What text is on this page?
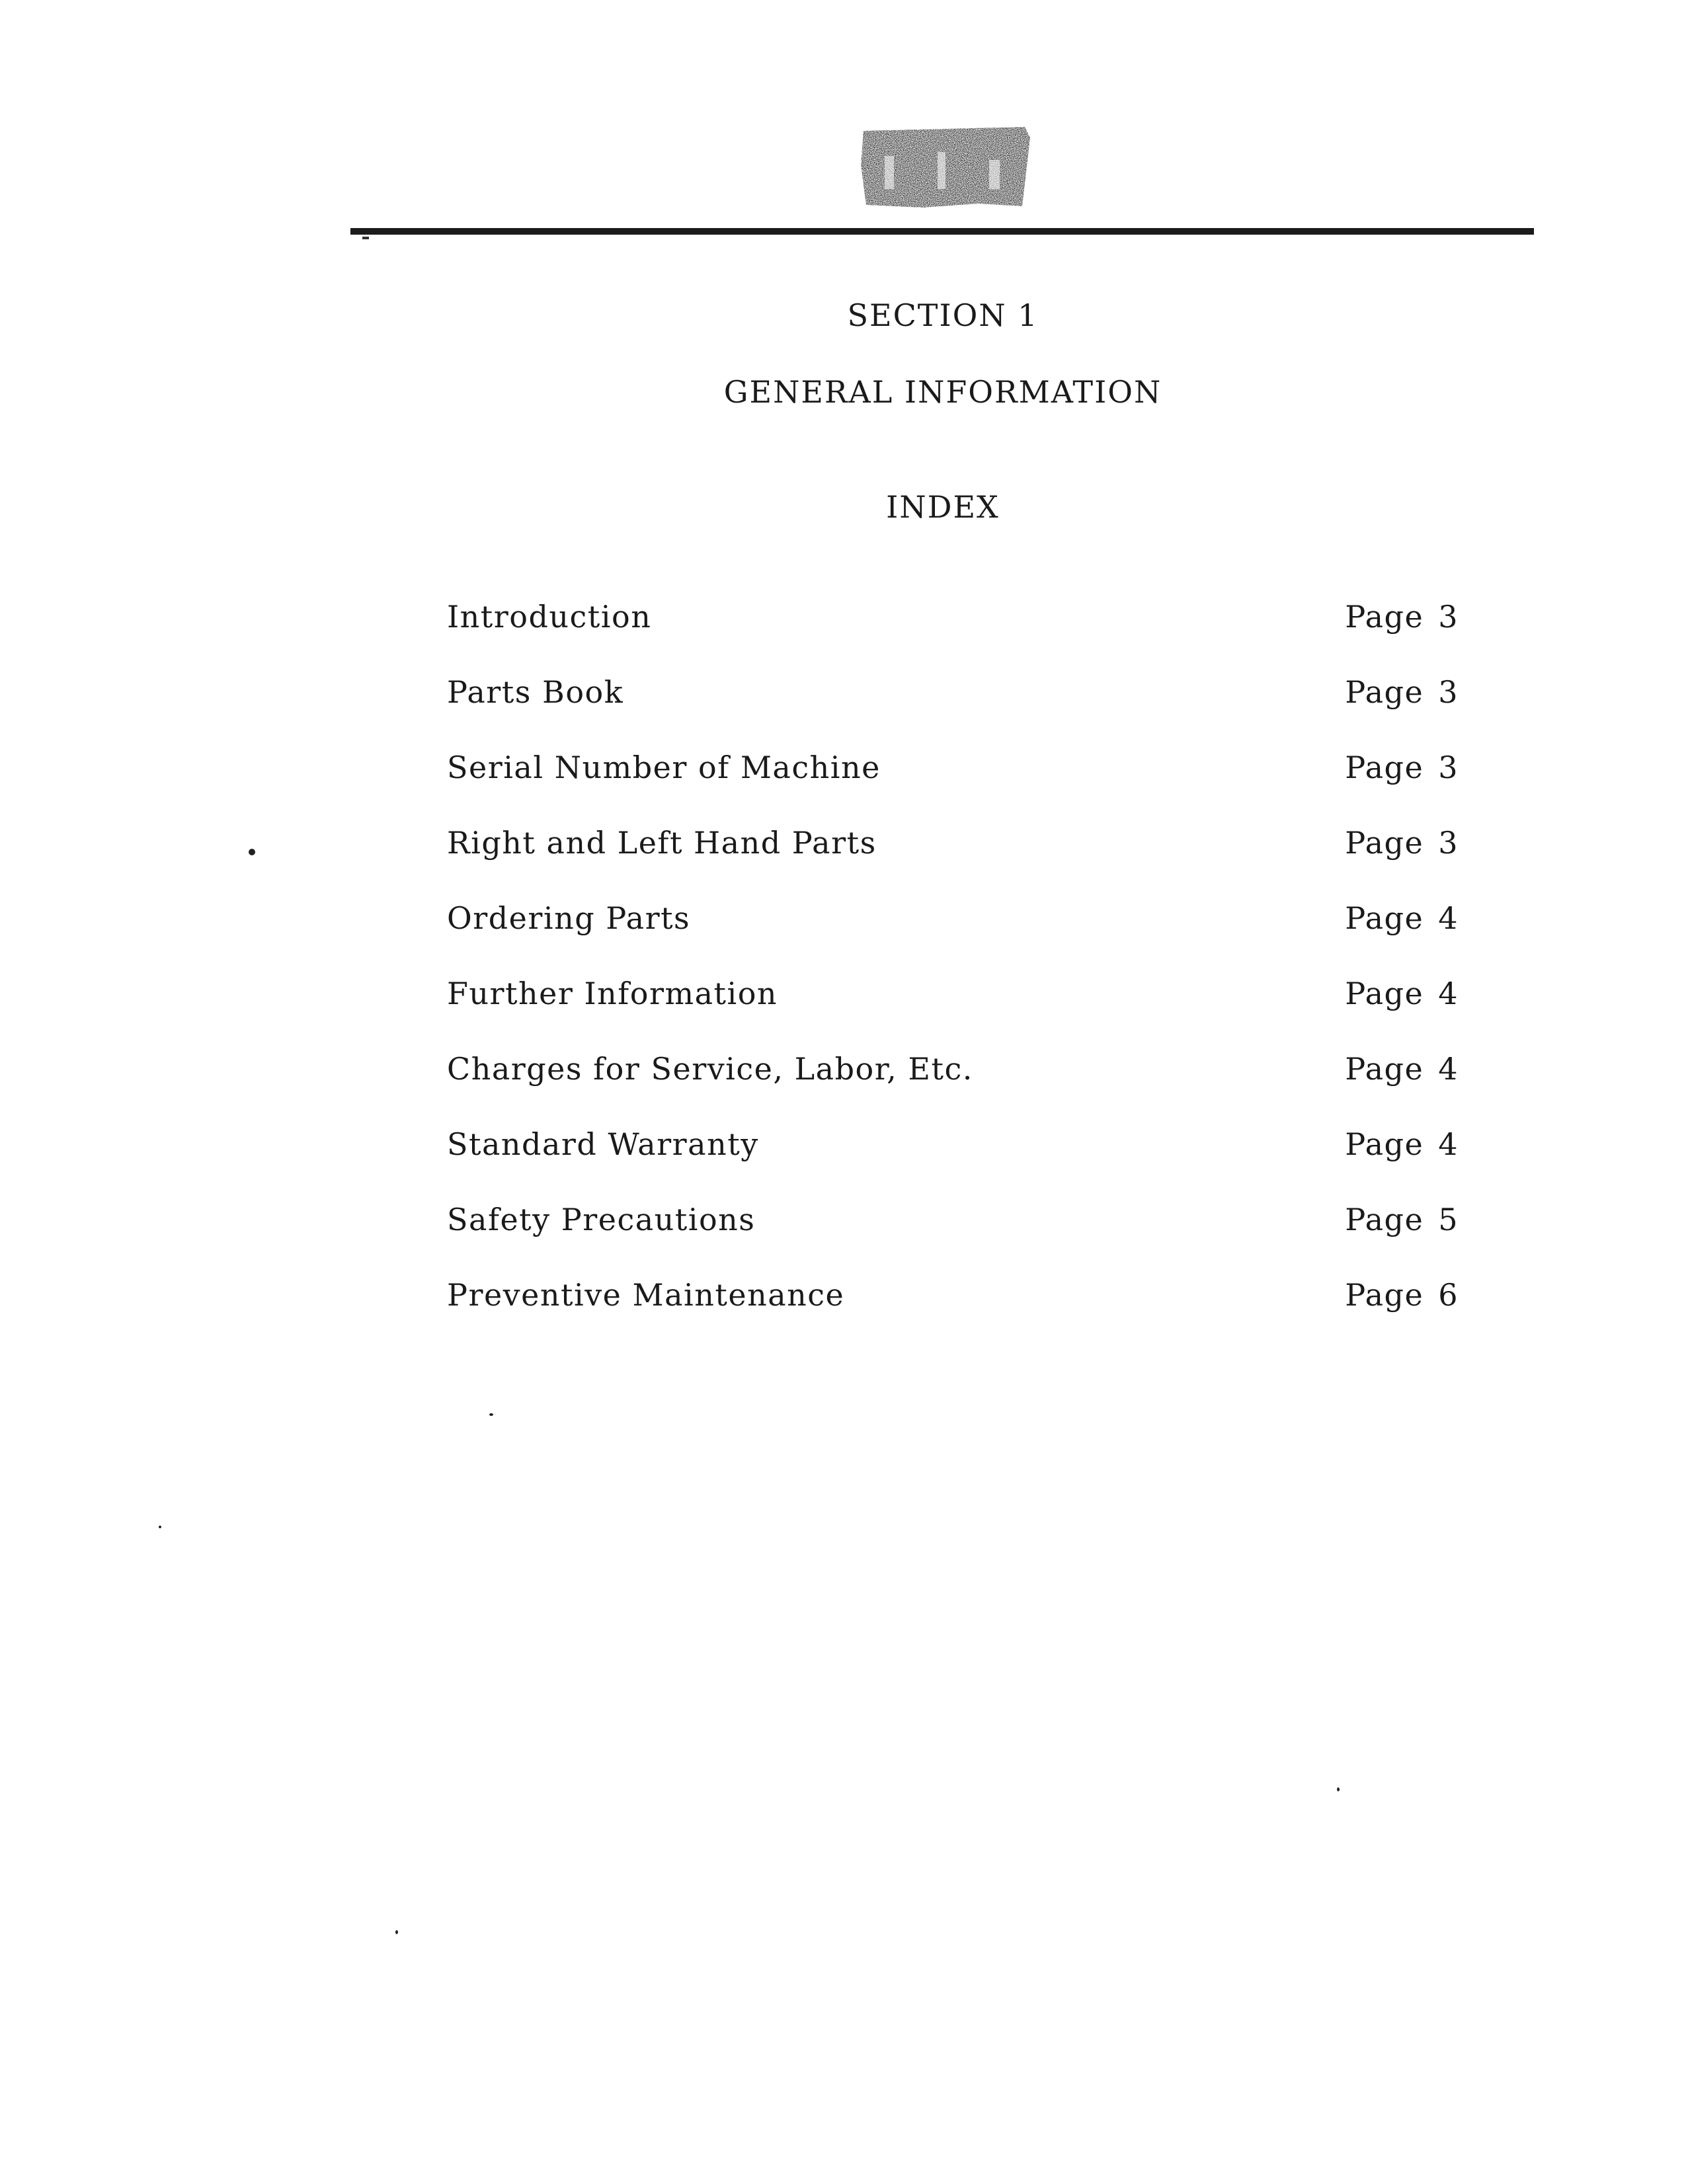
SECTION 1
GENERAL INFORMATION
INDEX
Introduction	Page 3
Parts Book	Page 3
Serial Number of Machine	Page 3
Right and Left Hand Parts	Page 3
Ordering Parts	Page 4
Further Information	Page 4
Charges for Service, Labor, Etc.	Page 4
Standard Warranty	Page 4
Safety Precautions	Page 5
Preventive Maintenance	Page 6
